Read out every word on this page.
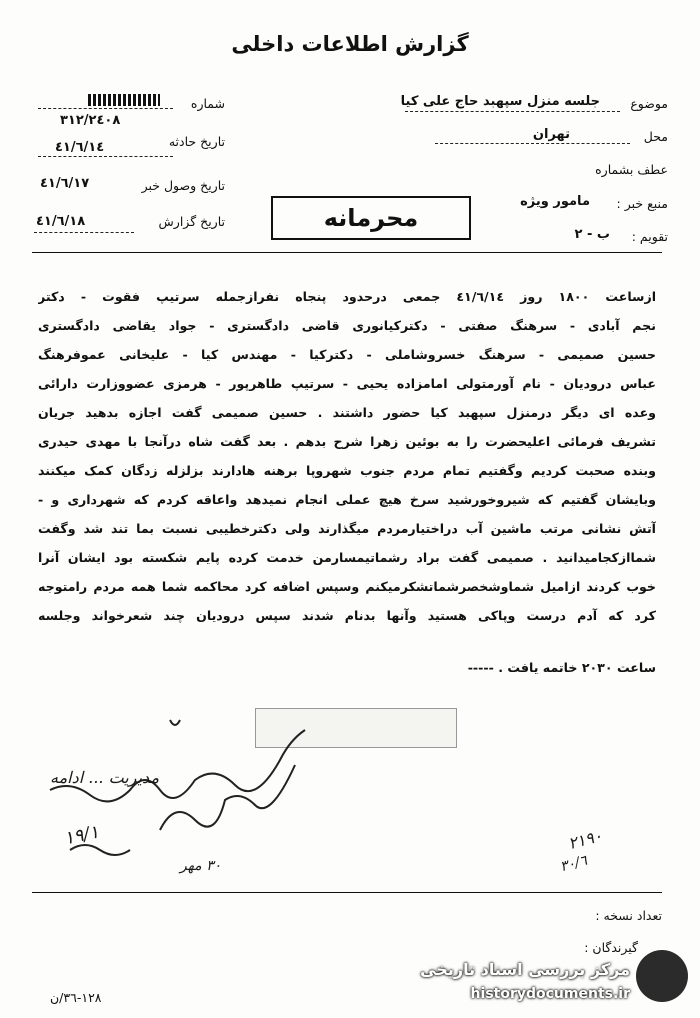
گزارش اطلاعات داخلی
شماره
٣١٢/٢٤٠٨
تاریخ حادثه
٤١/٦/١٤
تاریخ وصول خبر
٤١/٦/١٧
تاریخ گزارش
٤١/٦/١٨
موضوع
جلسه منزل سپهبد حاج علی کیا
محل
تهران
عطف بشماره
منبع خبر :
مامور ویژه
تقویم :
ب - ٢
محرمانه
ازساعت ١٨٠٠ روز ٤١/٦/١٤ جمعی درحدود پنجاه نفرازجمله سرتیپ فقوت - دکتر
نجم آبادی - سرهنگ صفتی - دکترکیانوری قاضی دادگستری - جواد یقاضی دادگستری
حسین صمیمی - سرهنگ خسروشاملی - دکترکیا - مهندس کیا - علیخانی عموفرهنگ
عباس درودیان - نام آورمتولی امامزاده یحیی - سرتیپ طاهرپور - هرمزی عضووزارت دارائی
وعده ای دیگر درمنزل سپهبد کیا حضور داشتند . حسین صمیمی گفت اجازه بدهید جریان
تشریف فرمائی اعلیحضرت را به بوئین زهرا شرح بدهم . بعد گفت شاه درآنجا با مهدی حیدری
وبنده صحبت کردیم وگفتیم تمام مردم جنوب شهروپا برهنه هادارند بزلزله زدگان کمک میکنند
وبایشان گفتیم که شیروخورشید سرخ هیچ عملی انجام نمیدهد واعاقه کردم که شهرداری و -
آتش نشانی مرتب ماشین آب دراختیارمردم میگذارند ولی دکترخطیبی نسبت بما تند شد وگفت
شماازکجامیدانید . صمیمی گفت براد رشماتیمسارمن خدمت کرده پایم شکسته بود ایشان آنرا
خوب کردند ازامیل شماوشخصرشماتشکرمیکنم وسپس اضافه کرد محاکمه شما همه مردم رامتوجه
کرد که آدم درست وپاکی هستید وآنها بدنام شدند سپس درودیان چند شعرخواند وجلسه
ساعت ٢٠٣٠ خاتمه یافت . -----
مدیریت ... ادامه
١٩/١
٣٠ مهر
٢١٩٠
٣٠/٦
تعداد نسخه :
گیرندگان :
١٢٨-٣٦/ن
مرکز بررسی اسناد تاریخی
historydocuments.ir
